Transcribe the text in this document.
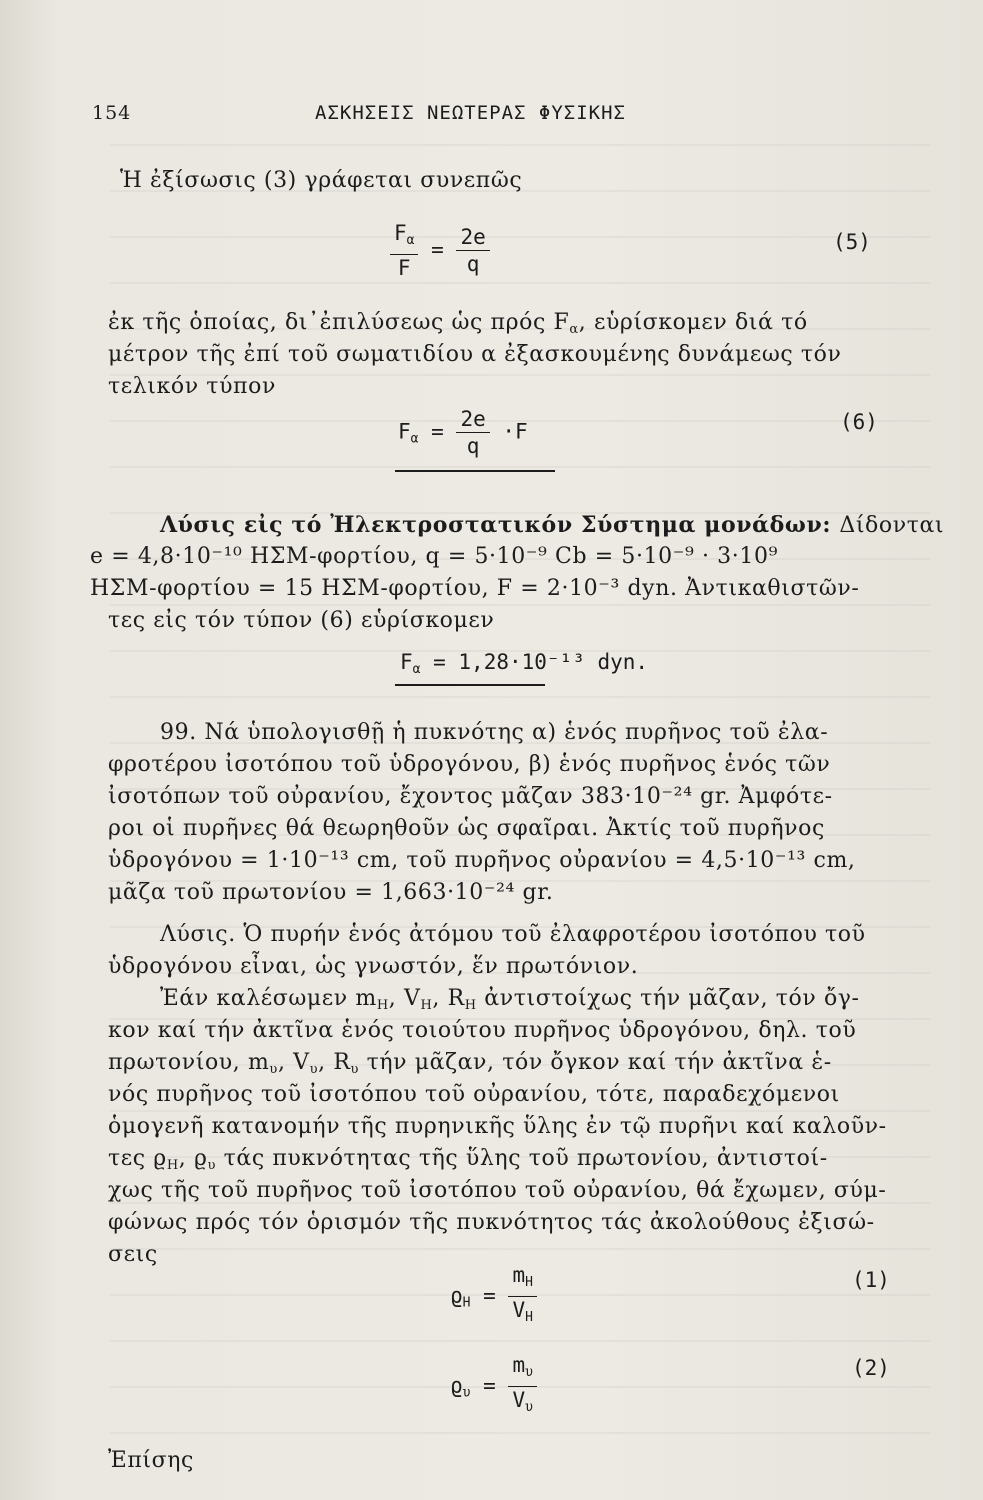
154	ΑΣΚΗΣΕΙΣ ΝΕΩΤΕΡΑΣ ΦΥΣΙΚΗΣ
Ἡ ἐξίσωσις (3) γράφεται συνεπῶς
$\frac{F_\alpha}{F} = \frac{2e}{q}$	(5)
ἐκ τῆς ὁποίας, δι᾽ἐπιλύσεως ὡς πρός $F_\alpha$, εὑρίσκομεν διά τό
μέτρον τῆς ἐπί τοῦ σωματιδίου α ἐξασκουμένης δυνάμεως τόν
τελικόν τύπον
$F_\alpha = \frac{2e}{q} \cdot F$	(6)
Λύσις εἰς τό Ἠλεκτροστατικόν Σύστημα μονάδων: Δίδονται
e = 4,8·10⁻¹⁰ ΗΣΜ-φορτίου, q = 5·10⁻⁹ Cb = 5·10⁻⁹ · 3·10⁹
ΗΣΜ-φορτίου = 15 ΗΣΜ-φορτίου, F = 2·10⁻³ dyn. Ἀντικαθιστῶν-
τες εἰς τόν τύπον (6) εὑρίσκομεν
$F_\alpha = 1,28\cdot 10^{-13}$ dyn.
99. Νά ὑπολογισθῇ ἡ πυκνότης α) ἑνός πυρῆνος τοῦ ἐλα-
φροτέρου ἰσοτόπου τοῦ ὑδρογόνου, β) ἑνός πυρῆνος ἑνός τῶν
ἰσοτόπων τοῦ οὐρανίου, ἔχοντος μᾶζαν 383·10⁻²⁴ gr. Ἀμφότε-
ροι οἱ πυρῆνες θά θεωρηθοῦν ὡς σφαῖραι. Ἀκτίς τοῦ πυρῆνος
ὑδρογόνου = 1·10⁻¹³ cm, τοῦ πυρῆνος οὐρανίου = 4,5·10⁻¹³ cm,
μᾶζα τοῦ πρωτονίου = 1,663·10⁻²⁴ gr.
Λύσις. Ὁ πυρήν ἑνός ἀτόμου τοῦ ἐλαφροτέρου ἰσοτόπου τοῦ
ὑδρογόνου εἶναι, ὡς γνωστόν, ἕν πρωτόνιον.
Ἐάν καλέσωμεν $m_H$, $V_H$, $R_H$ ἀντιστοίχως τήν μᾶζαν, τόν ὄγ-
κον καί τήν ἀκτῖνα ἑνός τοιούτου πυρῆνος ὑδρογόνου, δηλ. τοῦ
πρωτονίου, $m_\upsilon$, $V_\upsilon$, $R_\upsilon$ τήν μᾶζαν, τόν ὄγκον καί τήν ἀκτῖνα ἑ-
νός πυρῆνος τοῦ ἰσοτόπου τοῦ οὐρανίου, τότε, παραδεχόμενοι
ὁμογενῆ κατανομήν τῆς πυρηνικῆς ὕλης ἐν τῷ πυρῆνι καί καλοῦν-
τες $ϱ_H$, $ϱ_\upsilon$ τάς πυκνότητας τῆς ὕλης τοῦ πρωτονίου, ἀντιστοί-
χως τῆς τοῦ πυρῆνος τοῦ ἰσοτόπου τοῦ οὐρανίου, θά ἔχωμεν, σύμ-
φώνως πρός τόν ὁρισμόν τῆς πυκνότητος τάς ἀκολούθους ἐξισώ-
σεις
$ϱ_H = \frac{m_H}{V_H}$	(1)
$ϱ_\upsilon = \frac{m_\upsilon}{V_\upsilon}$	(2)
Ἐπίσης
